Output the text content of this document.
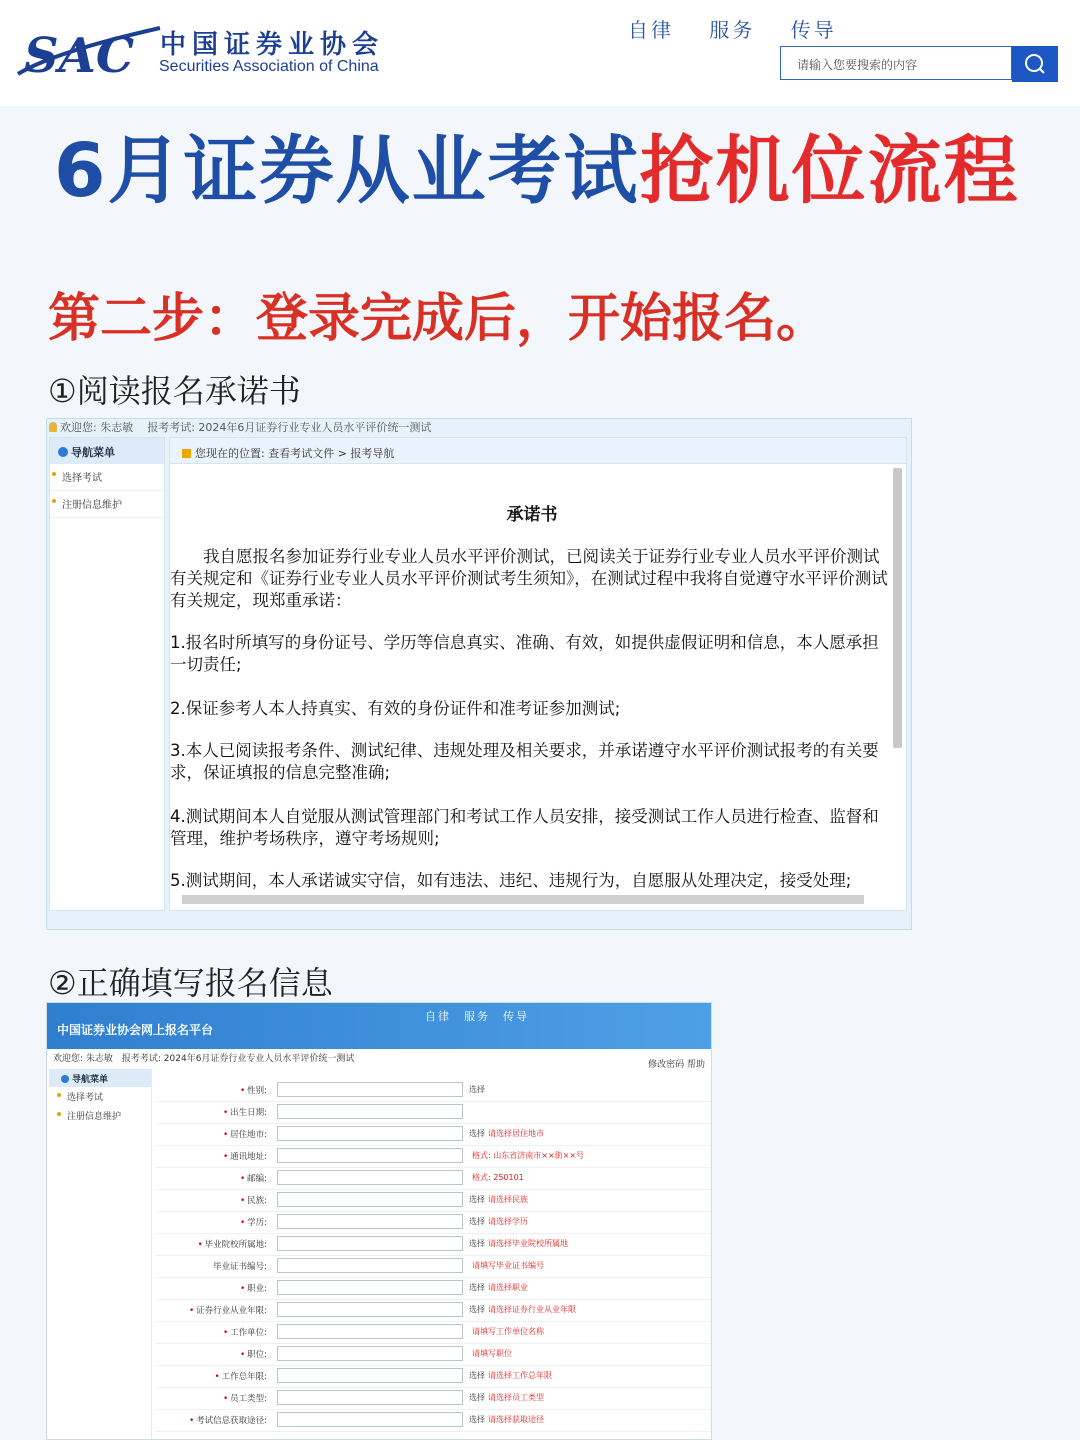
SAC 中国证券业协会
Securities Association of China
自律 服务 传导
请输入您要搜索的内容
6月证券从业考试抢机位流程
第二步：登录完成后，开始报名。
①阅读报名承诺书
欢迎您: 朱志敏 报考考试: 2024年6月证券行业专业人员水平评价统一测试
导航菜单
选择考试
注册信息维护
您现在的位置: 查看考试文件 > 报考导航
承诺书
　　我自愿报名参加证券行业专业人员水平评价测试，已阅读关于证券行业专业人员水平评价测试有关规定和《证券行业专业人员水平评价测试考生须知》，在测试过程中我将自觉遵守水平评价测试有关规定，现郑重承诺：
1.报名时所填写的身份证号、学历等信息真实、准确、有效，如提供虚假证明和信息，本人愿承担一切责任;
2.保证参考人本人持真实、有效的身份证件和准考证参加测试;
3.本人已阅读报考条件、测试纪律、违规处理及相关要求，并承诺遵守水平评价测试报考的有关要求，保证填报的信息完整准确;
4.测试期间本人自觉服从测试管理部门和考试工作人员安排，接受测试工作人员进行检查、监督和管理，维护考场秩序，遵守考场规则;
5.测试期间，本人承诺诚实守信，如有违法、违纪、违规行为，自愿服从处理决定，接受处理;
②正确填写报名信息
中国证券业协会网上报名平台
自律　服务　传导
欢迎您: 朱志敏　报考考试: 2024年6月证券行业专业人员水平评价统一测试
修改密码 帮助
导航菜单
选择考试
注册信息维护
• 性别:	选择
• 出生日期:
• 居住地市:	选择 请选择居住地市
• 通讯地址:	格式: 山东省济南市××街××号
• 邮编:	格式: 250101
• 民族:	选择 请选择民族
• 学历:	选择 请选择学历
• 毕业院校所属地:	选择 请选择毕业院校所属地
毕业证书编号:	请填写毕业证书编号
• 职业:	选择 请选择职业
• 证券行业从业年限:	选择 请选择证券行业从业年限
• 工作单位:	请填写工作单位名称
• 职位:	请填写职位
• 工作总年限:	选择 请选择工作总年限
• 员工类型:	选择 请选择员工类型
• 考试信息获取途径:	选择 请选择获取途径
